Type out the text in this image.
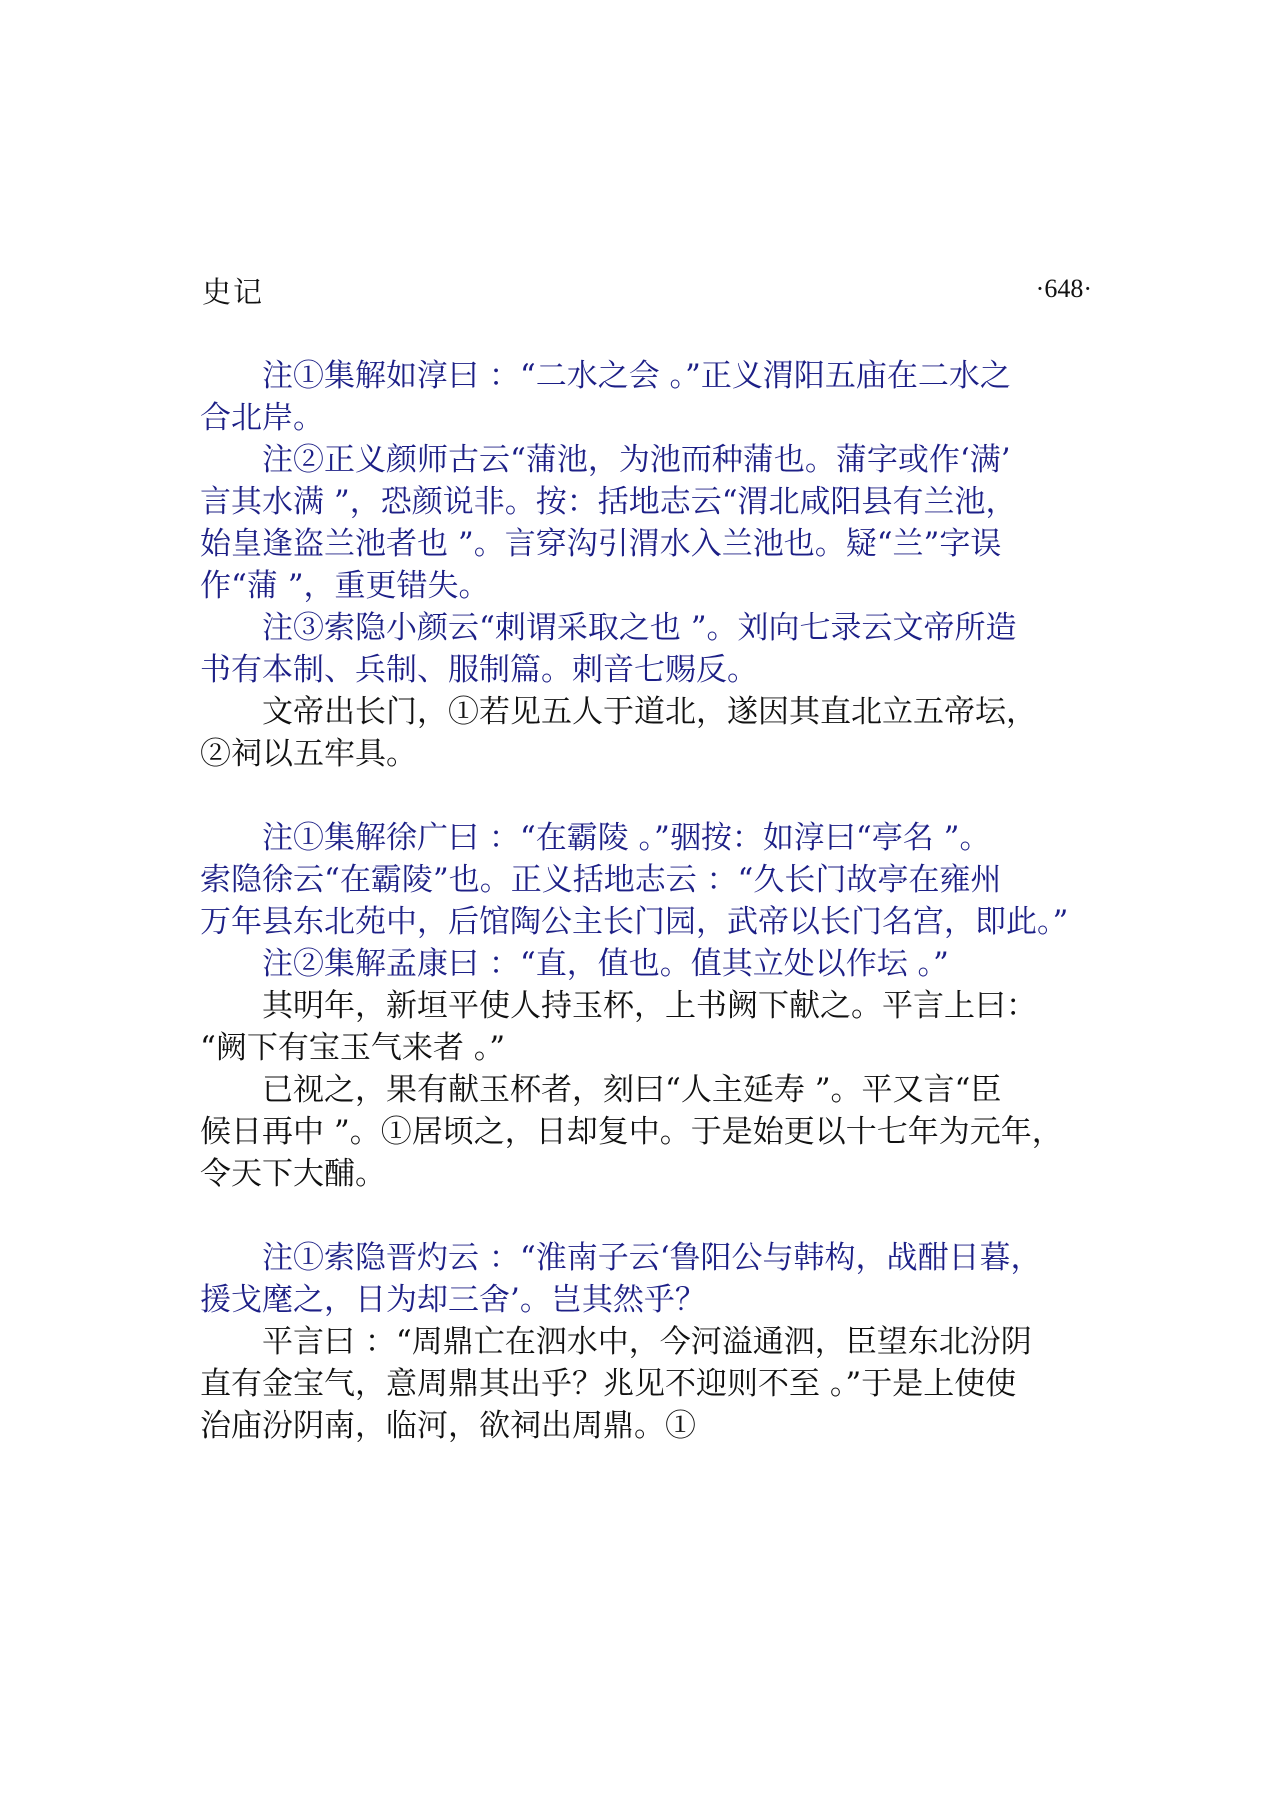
史记	·648·
　　注①集解如淳曰 ：“二水之会 。”正义渭阳五庙在二水之
合北岸。
　　注②正义颜师古云“蒲池，为池而种蒲也。蒲字或作‘满’
言其水满 ”，恐颜说非。按：括地志云“渭北咸阳县有兰池，
始皇逢盗兰池者也 ”。言穿沟引渭水入兰池也。疑“兰”字误
作“蒲 ”，重更错失。
　　注③索隐小颜云“刺谓采取之也 ”。刘向七录云文帝所造
书有本制、兵制、服制篇。刺音七赐反。
　　文帝出长门，①若见五人于道北，遂因其直北立五帝坛，
②祠以五牢具。
　　注①集解徐广曰 ：“在霸陵 。”骃按：如淳曰“亭名 ”。
索隐徐云“在霸陵”也。正义括地志云 ：“久长门故亭在雍州
万年县东北苑中，后馆陶公主长门园，武帝以长门名宫，即此。”
　　注②集解孟康曰 ：“直，值也。值其立处以作坛 。”
　　其明年，新垣平使人持玉杯，上书阙下献之。平言上曰：
“阙下有宝玉气来者 。”
　　已视之，果有献玉杯者，刻曰“人主延寿 ”。平又言“臣
候日再中 ”。①居顷之，日却复中。于是始更以十七年为元年，
令天下大酺。
　　注①索隐晋灼云 ：“淮南子云‘鲁阳公与韩构，战酣日暮，
援戈麾之，日为却三舍’。岂其然乎？
　　平言曰 ：“周鼎亡在泗水中，今河溢通泗，臣望东北汾阴
直有金宝气，意周鼎其出乎？兆见不迎则不至 。”于是上使使
治庙汾阴南，临河，欲祠出周鼎。①
